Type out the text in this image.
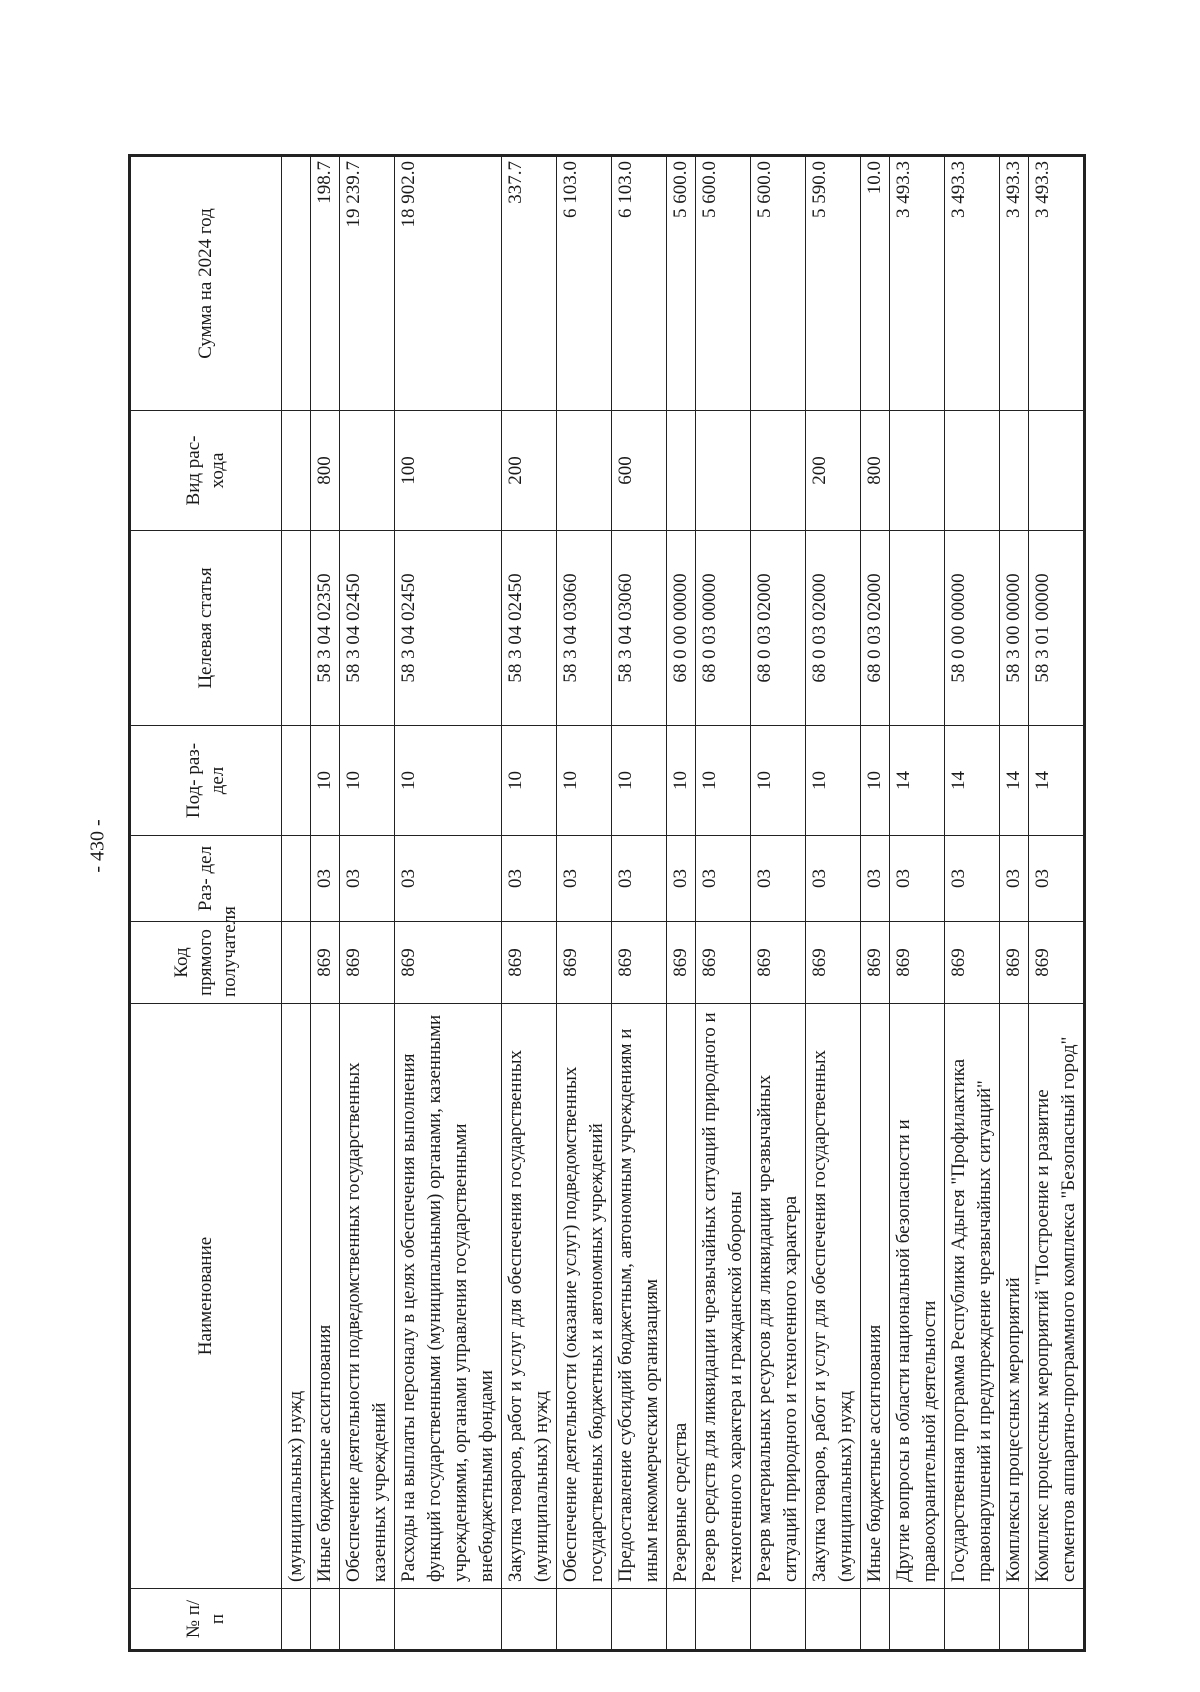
- 430 -
№ п/п	Наименование	Код прямого получателя	Раз- дел	Под- раз- дел	Целевая статья	Вид рас- хода	Сумма на 2024 год
	(муниципальных) нужд						
	Иные бюджетные ассигнования	869	03	10	58 3 04 02350	800	198.7
	Обеспечение деятельности подведомственных государственных казенных учреждений	869	03	10	58 3 04 02450		19 239.7
	Расходы на выплаты персоналу в целях обеспечения выполнения функций государственными (муниципальными) органами, казенными учреждениями, органами управления государственными внебюджетными фондами	869	03	10	58 3 04 02450	100	18 902.0
	Закупка товаров, работ и услуг для обеспечения государственных (муниципальных) нужд	869	03	10	58 3 04 02450	200	337.7
	Обеспечение деятельности (оказание услуг) подведомственных государственных бюджетных и автономных учреждений	869	03	10	58 3 04 03060		6 103.0
	Предоставление субсидий бюджетным, автономным учреждениям и иным некоммерческим организациям	869	03	10	58 3 04 03060	600	6 103.0
	Резервные средства	869	03	10	68 0 00 00000		5 600.0
	Резерв средств для ликвидации чрезвычайных ситуаций природного и техногенного характера и гражданской обороны	869	03	10	68 0 03 00000		5 600.0
	Резерв материальных ресурсов для ликвидации чрезвычайных ситуаций природного и техногенного характера	869	03	10	68 0 03 02000		5 600.0
	Закупка товаров, работ и услуг для обеспечения государственных (муниципальных) нужд	869	03	10	68 0 03 02000	200	5 590.0
	Иные бюджетные ассигнования	869	03	10	68 0 03 02000	800	10.0
	Другие вопросы в области национальной безопасности и правоохранительной деятельности	869	03	14			3 493.3
	Государственная программа Республики Адыгея "Профилактика правонарушений и предупреждение чрезвычайных ситуаций"	869	03	14	58 0 00 00000		3 493.3
	Комплексы процессных мероприятий	869	03	14	58 3 00 00000		3 493.3
	Комплекс процессных мероприятий "Построение и развитие сегментов аппаратно-программного комплекса "Безопасный город"	869	03	14	58 3 01 00000		3 493.3
